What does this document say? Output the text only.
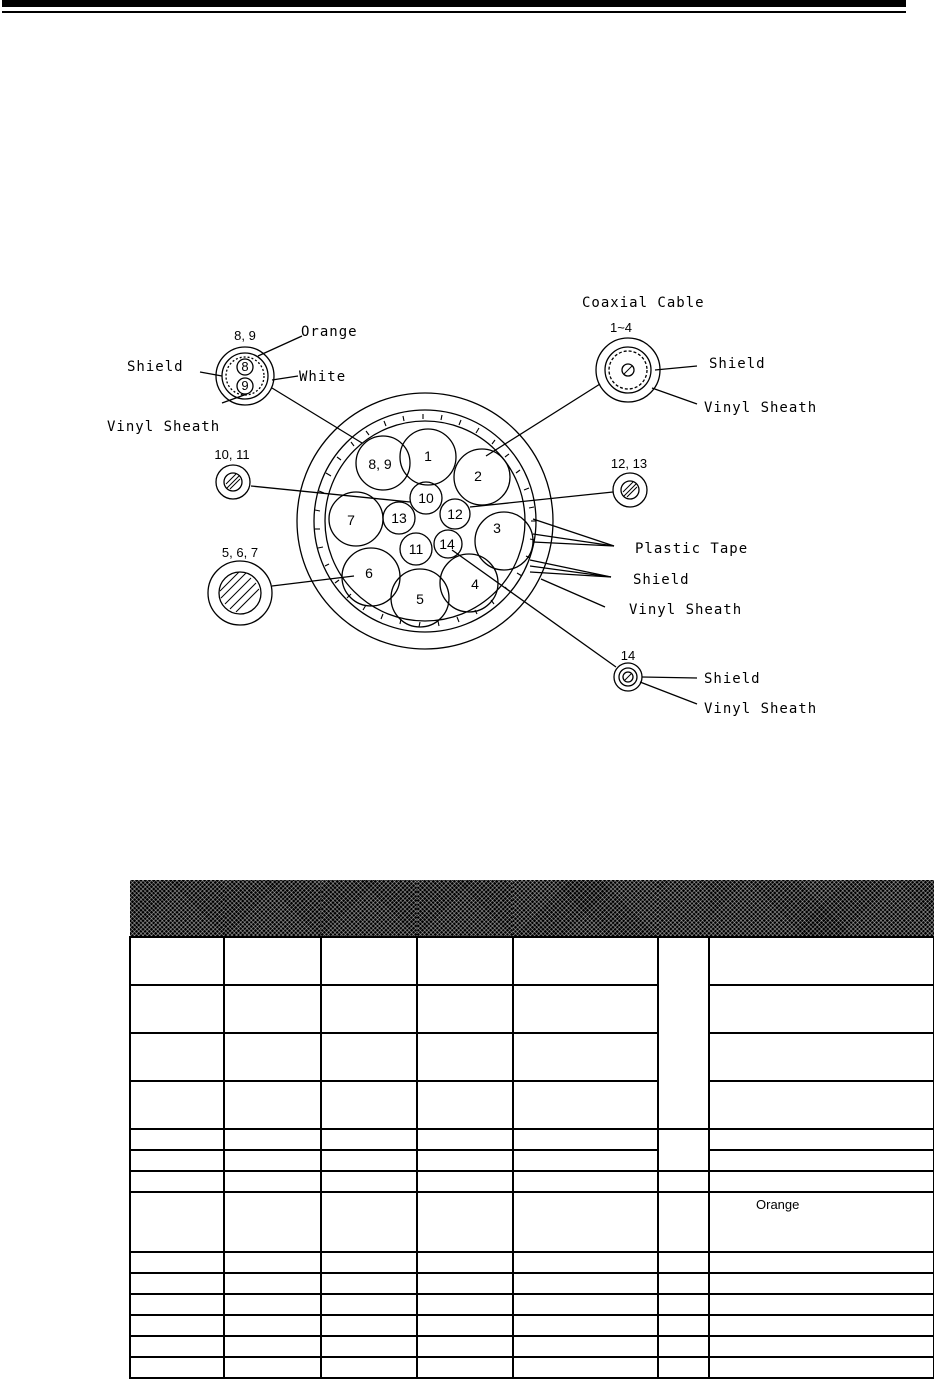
1
2
3
4
5
6
7
8, 9
10
11
12
13
14
8
9
8, 9
1~4
10, 11
12, 13
5, 6, 7
14
Coaxial Cable
Orange
Shield
White
Vinyl Sheath
Shield
Vinyl Sheath
Plastic Tape
Shield
Vinyl Sheath
Shield
Vinyl Sheath

						Orange
